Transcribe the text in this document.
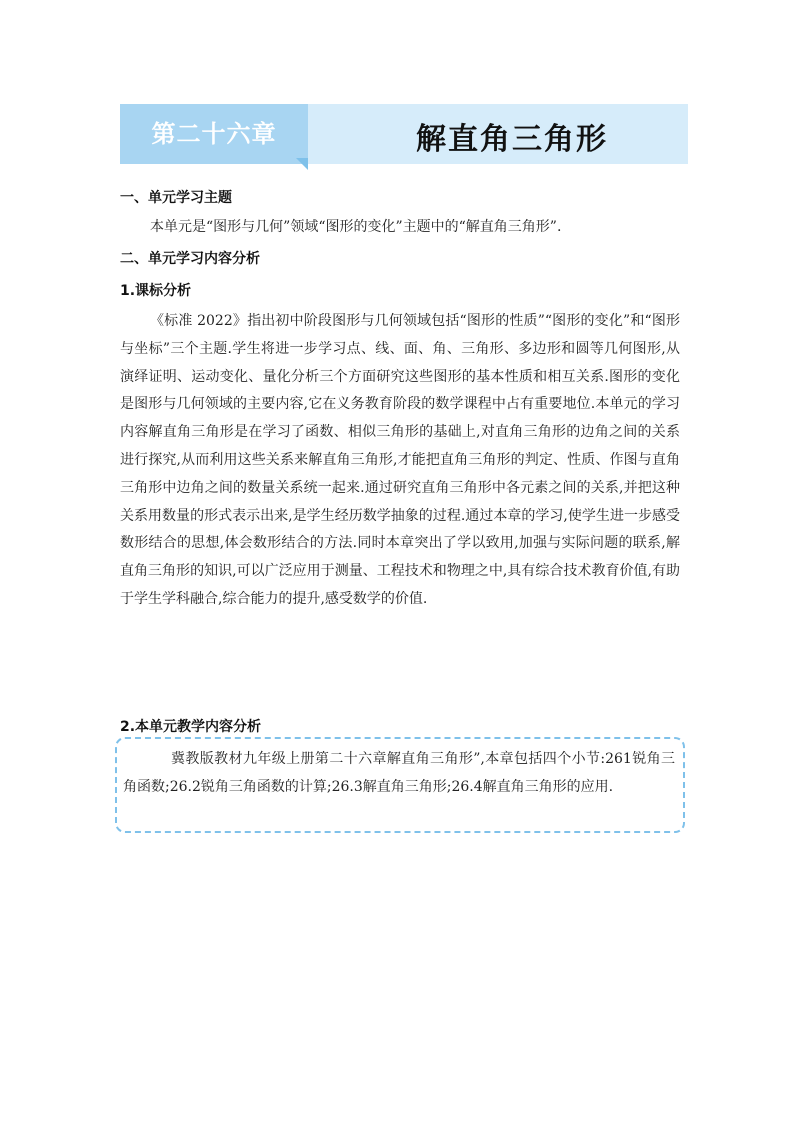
第二十六章	解直角三角形
一、单元学习主题
本单元是“图形与几何”领域“图形的变化”主题中的“解直角三角形”.
二、单元学习内容分析
1.课标分析

《标准 2022》指出初中阶段图形与几何领域包括“图形的性质”“图形的变化”和“图形与坐标”三个主题.学生将进一步学习点、线、面、角、三角形、多边形和圆等几何图形,从演绎证明、运动变化、量化分析三个方面研究这些图形的基本性质和相互关系.图形的变化是图形与几何领域的主要内容,它在义务教育阶段的数学课程中占有重要地位.本单元的学习内容解直角三角形是在学习了函数、相似三角形的基础上,对直角三角形的边角之间的关系进行探究,从而利用这些关系来解直角三角形,才能把直角三角形的判定、性质、作图与直角三角形中边角之间的数量关系统一起来.通过研究直角三角形中各元素之间的关系,并把这种关系用数量的形式表示出来,是学生经历数学抽象的过程.通过本章的学习,使学生进一步感受数形结合的思想,体会数形结合的方法.同时本章突出了学以致用,加强与实际问题的联系,解直角三角形的知识,可以广泛应用于测量、工程技术和物理之中,具有综合技术教育价值,有助于学生学科融合,综合能力的提升,感受数学的价值.

2.本单元教学内容分析

冀教版教材九年级上册第二十六章解直角三角形”,本章包括四个小节:261锐角三角函数;26.2锐角三角函数的计算;26.3解直角三角形;26.4解直角三角形的应用.
